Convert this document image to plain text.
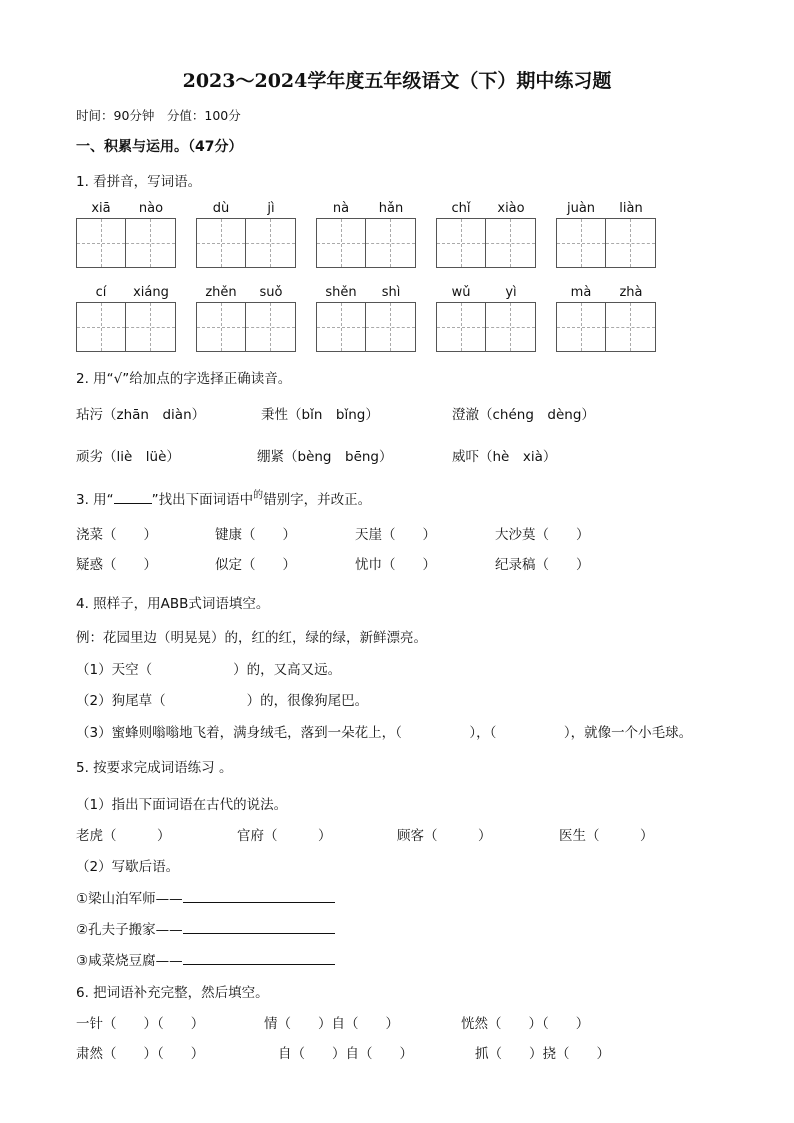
2023～2024学年度五年级语文（下）期中练习题
时间：90分钟　分值：100分
一、积累与运用。（47分）
1. 看拼音，写词语。
xiā	nào	dù	jì	nà	hǎn	chǐ	xiào	juàn	liàn
cí	xiáng	zhěn	suǒ	shěn	shì	wǔ	yì	mà	zhà
2. 用“√”给加点的字选择正确读音。
玷污（zhān　diàn）	秉性（bǐn　bǐng）	澄澈（chéng　dèng）
顽劣（liè　lüè）	绷紧（bèng　bēng）	威吓（hè　xià）
3. 用“	”找出下面词语中$^的$错别字，并改正。
浇菜（　　）	键康（　　）	天崖（　　）	大沙莫（　　）
疑惑（　　）	似定（　　）	忧巾（　　）	纪录稿（　　）
4. 照样子，用ABB式词语填空。
例：花园里边（明晃晃）的，红的红，绿的绿，新鲜漂亮。
（1）天空（　　　　　　）的，又高又远。
（2）狗尾草（　　　　　　）的，很像狗尾巴。
（3）蜜蜂则嗡嗡地飞着，满身绒毛，落到一朵花上，（　　　　　），（　　　　　），就像一个小毛球。
5. 按要求完成词语练习 。
（1）指出下面词语在古代的说法。
老虎（　　　）	官府（　　　）	顾客（　　　）	医生（　　　）
（2）写歇后语。
①梁山泊军师——
②孔夫子搬家——
③咸菜烧豆腐——
6. 把词语补充完整，然后填空。
一针（　　）（　　）	情（　　）自（　　）	恍然（　　）（　　）
肃然（　　）（　　）	自（　　）自（　　）	抓（　　）挠（　　）
